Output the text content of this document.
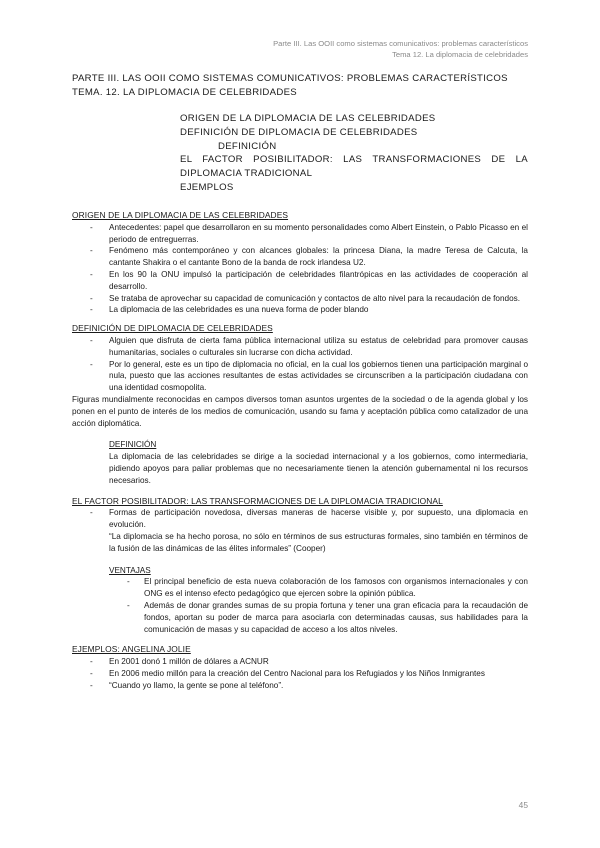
Parte III. Las OOII como sistemas comunicativos: problemas característicos
Tema 12. La diplomacia de celebridades
PARTE III. LAS OOII COMO SISTEMAS COMUNICATIVOS: PROBLEMAS CARACTERÍSTICOS
TEMA. 12. LA DIPLOMACIA DE CELEBRIDADES
ORIGEN DE LA DIPLOMACIA DE LAS CELEBRIDADES
DEFINICIÓN DE DIPLOMACIA DE CELEBRIDADES
DEFINICIÓN
EL FACTOR POSIBILITADOR: LAS TRANSFORMACIONES DE LA DIPLOMACIA TRADICIONAL
EJEMPLOS

ORIGEN DE LA DIPLOMACIA DE LAS CELEBRIDADES

- Antecedentes: papel que desarrollaron en su momento personalidades como Albert Einstein, o Pablo Picasso en el periodo de entreguerras.
- Fenómeno más contemporáneo y con alcances globales: la princesa Diana, la madre Teresa de Calcuta, la cantante Shakira o el cantante Bono de la banda de rock irlandesa U2.
- En los 90 la ONU impulsó la participación de celebridades filantrópicas en las actividades de cooperación al desarrollo.
- Se trataba de aprovechar su capacidad de comunicación y contactos de alto nivel para la recaudación de fondos.
- La diplomacia de las celebridades es una nueva forma de poder blando

DEFINICIÓN DE DIPLOMACIA DE CELEBRIDADES

- Alguien que disfruta de cierta fama pública internacional utiliza su estatus de celebridad para promover causas humanitarias, sociales o culturales sin lucrarse con dicha actividad.
- Por lo general, este es un tipo de diplomacia no oficial, en la cual los gobiernos tienen una participación marginal o nula, puesto que las acciones resultantes de estas actividades se circunscriben a la participación ciudadana con una identidad cosmopolita.

Figuras mundialmente reconocidas en campos diversos toman asuntos urgentes de la sociedad o de la agenda global y los ponen en el punto de interés de los medios de comunicación, usando su fama y aceptación pública como catalizador de una acción diplomática.

DEFINICIÓN

La diplomacia de las celebridades se dirige a la sociedad internacional y a los gobiernos, como intermediaria, pidiendo apoyos para paliar problemas que no necesariamente tienen la atención gubernamental ni los recursos necesarios.

EL FACTOR POSIBILITADOR: LAS TRANSFORMACIONES DE LA DIPLOMACIA TRADICIONAL

- Formas de participación novedosa, diversas maneras de hacerse visible y, por supuesto, una diplomacia en evolución.

“La diplomacia se ha hecho porosa, no sólo en términos de sus estructuras formales, sino también en términos de la fusión de las dinámicas de las élites informales” (Cooper)

VENTAJAS

- El principal beneficio de esta nueva colaboración de los famosos con organismos internacionales y con ONG es el intenso efecto pedagógico que ejercen sobre la opinión pública.
- Además de donar grandes sumas de su propia fortuna y tener una gran eficacia para la recaudación de fondos, aportan su poder de marca para asociarla con determinadas causas, sus habilidades para la comunicación de masas y su capacidad de acceso a los altos niveles.

EJEMPLOS: ANGELINA JOLIE

- En 2001 donó 1 millón de dólares a ACNUR
- En 2006 medio millón para la creación del Centro Nacional para los Refugiados y los Niños Inmigrantes
- “Cuando yo llamo, la gente se pone al teléfono”.
45
